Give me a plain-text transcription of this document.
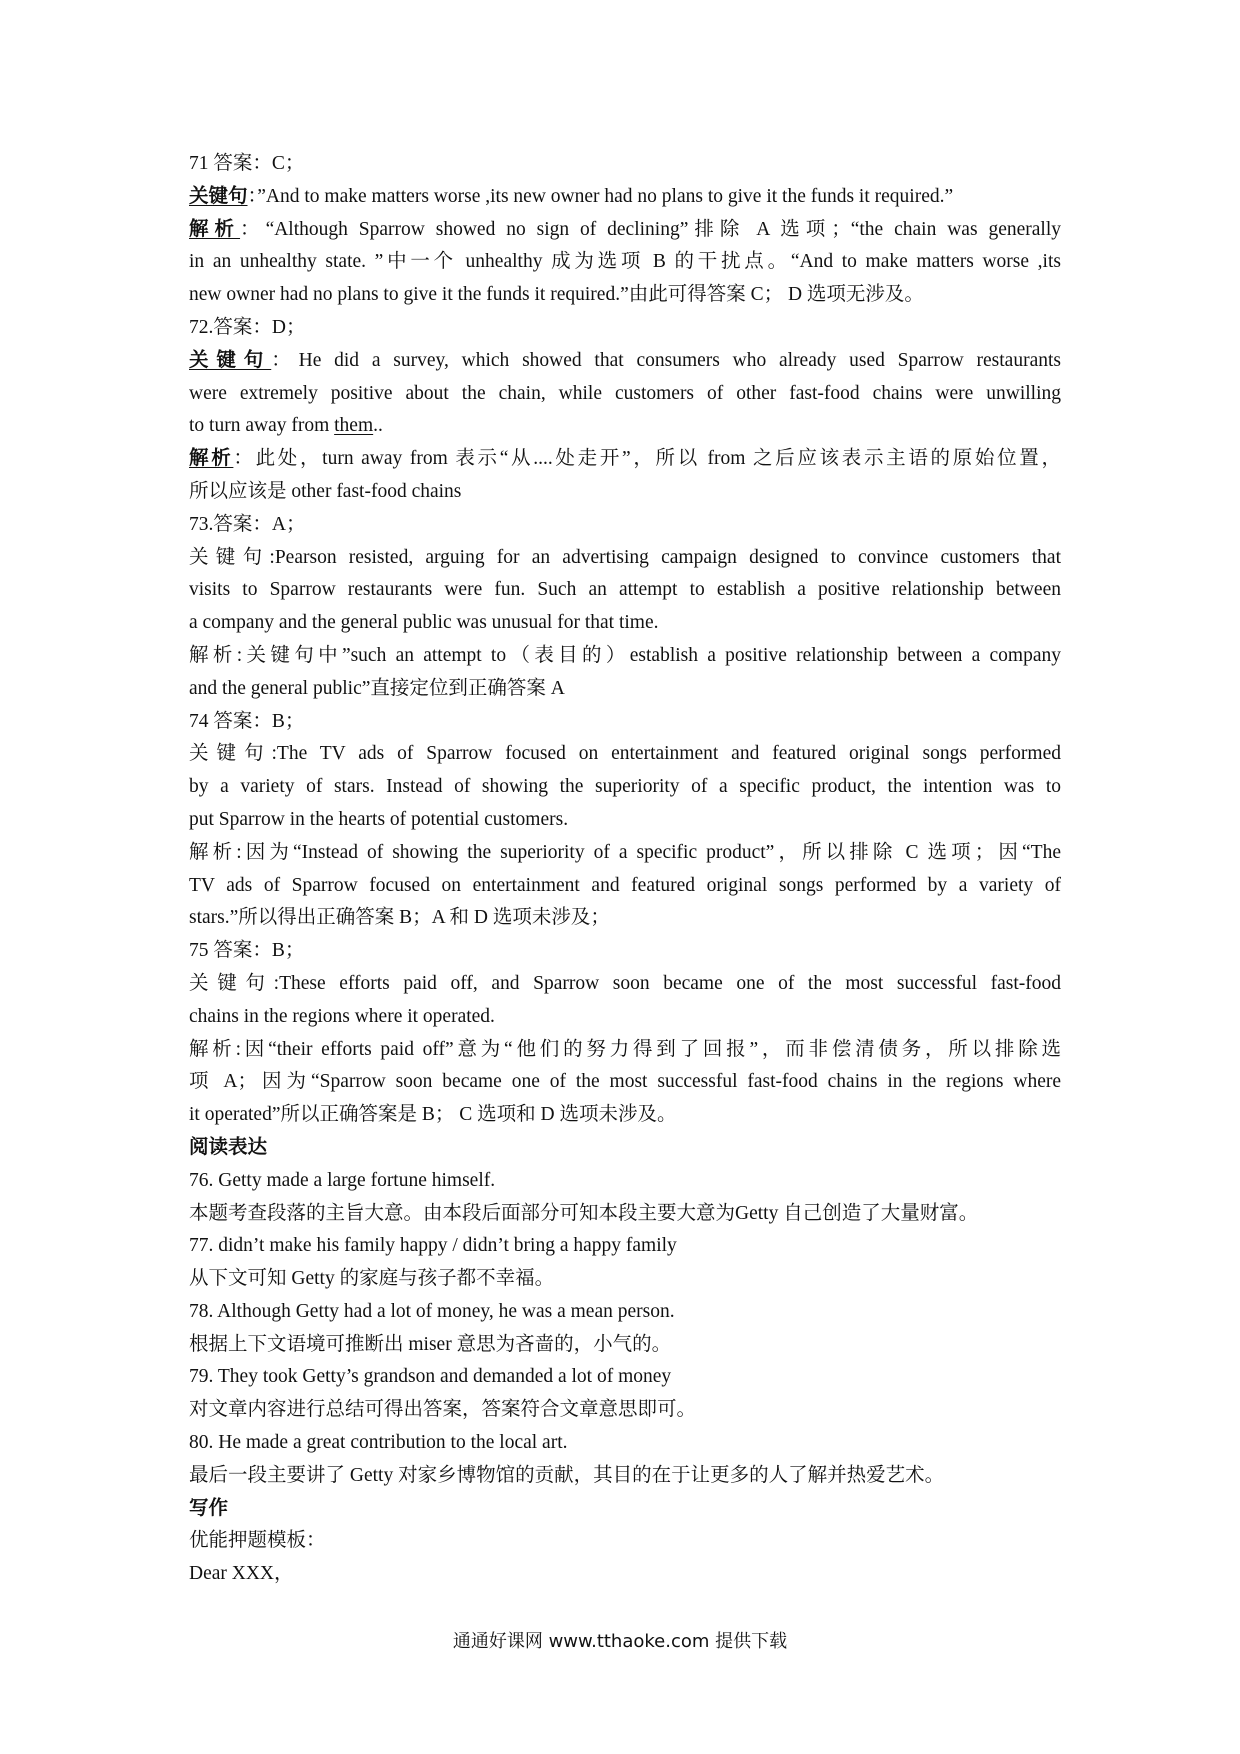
71 答案：C；
关键句：”And to make matters worse ,its new owner had no plans to give it the funds it required.”
解析：“Although Sparrow showed no sign of declining”排除 A 选项；“the chain was generally
in an unhealthy state. ”中一个 unhealthy 成为选项 B 的干扰点。“And to make matters worse ,its
new owner had no plans to give it the funds it required.”由此可得答案 C； D 选项无涉及。
72.答案：D；
关键句：He did a survey, which showed that consumers who already used Sparrow restaurants
were extremely positive about the chain, while customers of other fast-food chains were unwilling
to turn away from them..
解析：此处，turn away from 表示“从....处走开”，所以 from 之后应该表示主语的原始位置，
所以应该是 other fast-food chains
73.答案：A；
关键句:Pearson resisted, arguing for an advertising campaign designed to convince customers that
visits to Sparrow restaurants were fun. Such an attempt to establish a positive relationship between
a company and the general public was unusual for that time.
解析:关键句中”such an attempt to（表目的）establish a positive relationship between a company
and the general public”直接定位到正确答案 A
74 答案：B；
关键句:The TV ads of Sparrow focused on entertainment and featured original songs performed
by a variety of stars. Instead of showing the superiority of a specific product, the intention was to
put Sparrow in the hearts of potential customers.
解析:因为“Instead of showing the superiority of a specific product”，所以排除 C 选项；因“The
TV ads of Sparrow focused on entertainment and featured original songs performed by a variety of
stars.”所以得出正确答案 B；A 和 D 选项未涉及；
75 答案：B；
关键句:These efforts paid off, and Sparrow soon became one of the most successful fast-food
chains in the regions where it operated.
解析:因“their efforts paid off”意为“他们的努力得到了回报”，而非偿清债务，所以排除选
项 A；因为“Sparrow soon became one of the most successful fast-food chains in the regions where
it operated”所以正确答案是 B； C 选项和 D 选项未涉及。
阅读表达
76. Getty made a large fortune himself.
本题考查段落的主旨大意。由本段后面部分可知本段主要大意为Getty 自己创造了大量财富。
77. didn’t make his family happy / didn’t bring a happy family
从下文可知 Getty 的家庭与孩子都不幸福。
78. Although Getty had a lot of money, he was a mean person.
根据上下文语境可推断出 miser 意思为吝啬的，小气的。
79. They took Getty’s grandson and demanded a lot of money
对文章内容进行总结可得出答案，答案符合文章意思即可。
80. He made a great contribution to the local art.
最后一段主要讲了 Getty 对家乡博物馆的贡献，其目的在于让更多的人了解并热爱艺术。
写作
优能押题模板：
Dear XXX，
通通好课网 www.tthaoke.com 提供下载
